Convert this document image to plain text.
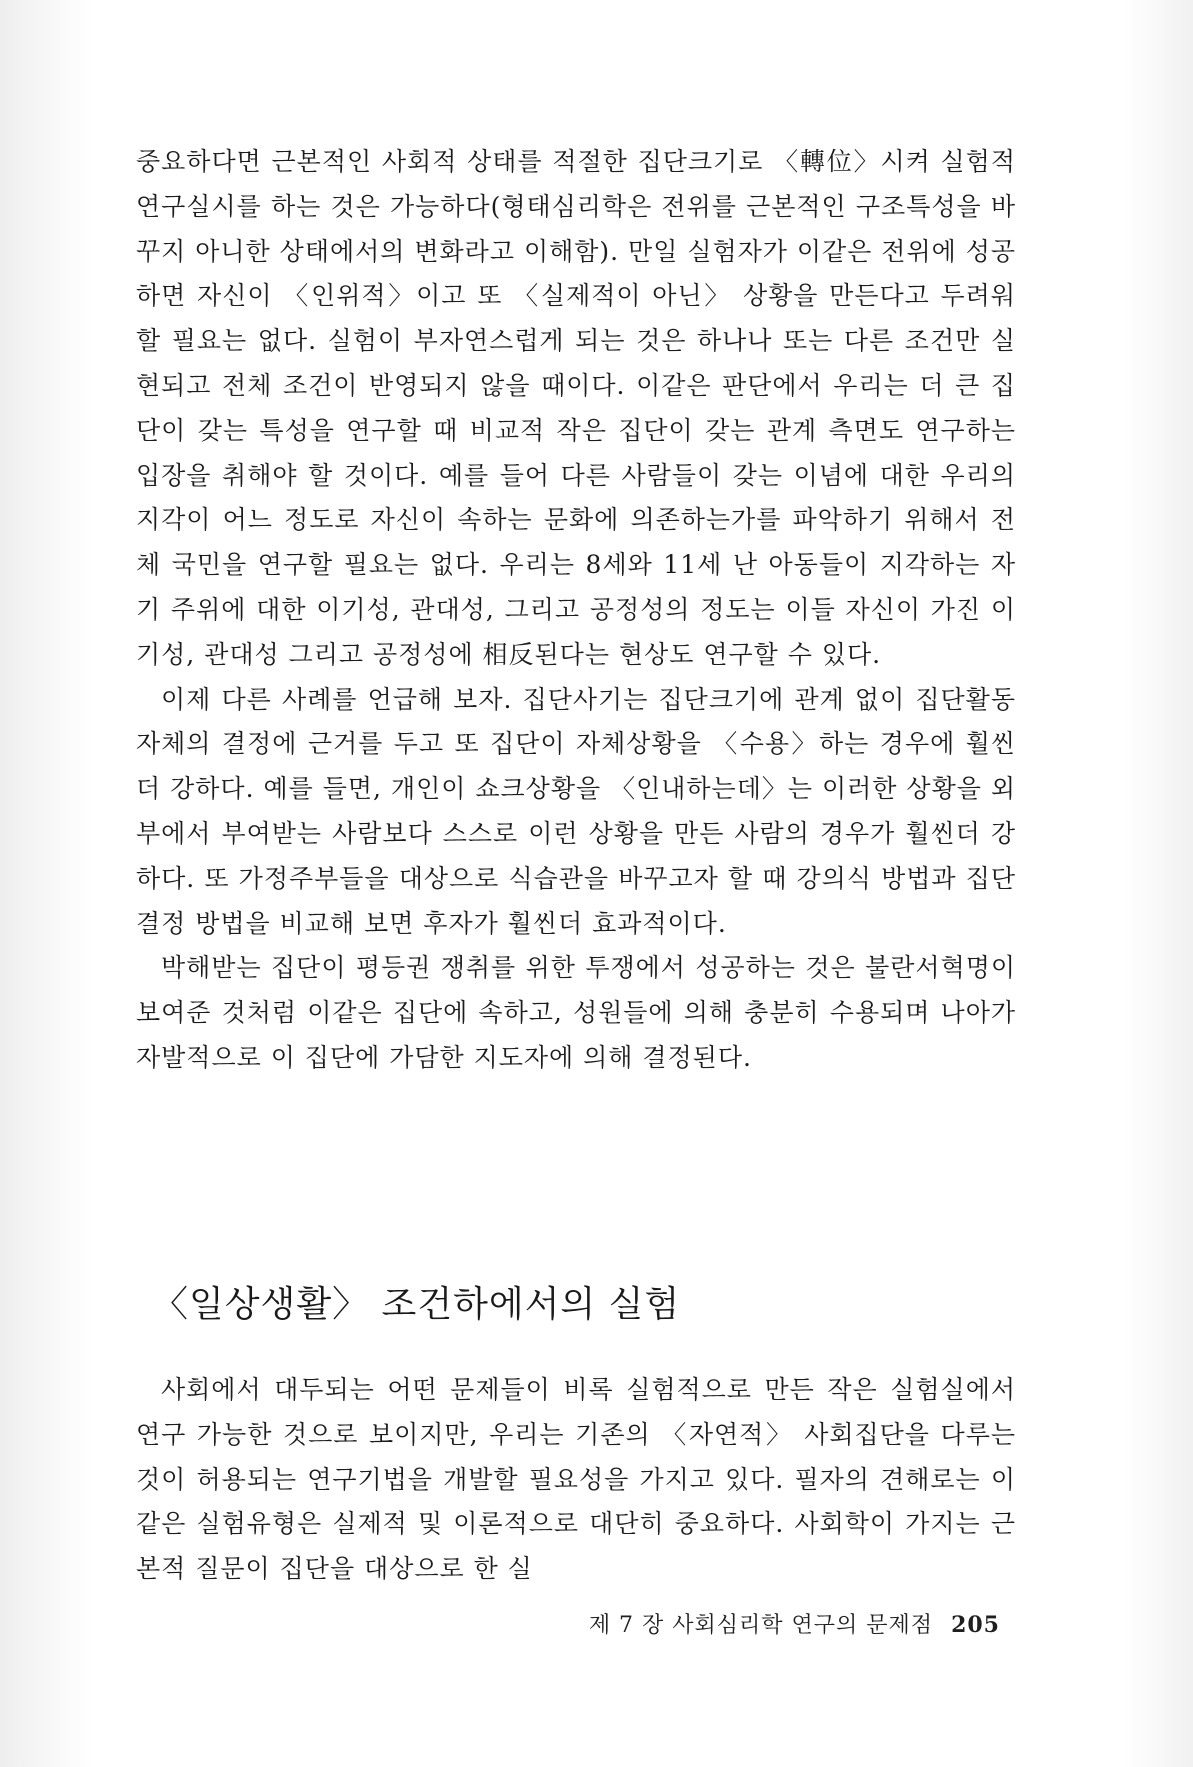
중요하다면 근본적인 사회적 상태를 적절한 집단크기로 〈轉位〉시켜 실험적 연구실시를 하는 것은 가능하다(형태심리학은 전위를 근본적인 구조특성을 바꾸지 아니한 상태에서의 변화라고 이해함). 만일 실험자가 이같은 전위에 성공하면 자신이 〈인위적〉이고 또 〈실제적이 아닌〉 상황을 만든다고 두려워 할 필요는 없다. 실험이 부자연스럽게 되는 것은 하나나 또는 다른 조건만 실현되고 전체 조건이 반영되지 않을 때이다. 이같은 판단에서 우리는 더 큰 집단이 갖는 특성을 연구할 때 비교적 작은 집단이 갖는 관계 측면도 연구하는 입장을 취해야 할 것이다. 예를 들어 다른 사람들이 갖는 이념에 대한 우리의 지각이 어느 정도로 자신이 속하는 문화에 의존하는가를 파악하기 위해서 전체 국민을 연구할 필요는 없다. 우리는 8세와 11세 난 아동들이 지각하는 자기 주위에 대한 이기성, 관대성, 그리고 공정성의 정도는 이들 자신이 가진 이기성, 관대성 그리고 공정성에 相反된다는 현상도 연구할 수 있다.

이제 다른 사례를 언급해 보자. 집단사기는 집단크기에 관계 없이 집단활동 자체의 결정에 근거를 두고 또 집단이 자체상황을 〈수용〉하는 경우에 훨씬더 강하다. 예를 들면, 개인이 쇼크상황을 〈인내하는데〉는 이러한 상황을 외부에서 부여받는 사람보다 스스로 이런 상황을 만든 사람의 경우가 훨씬더 강하다. 또 가정주부들을 대상으로 식습관을 바꾸고자 할 때 강의식 방법과 집단결정 방법을 비교해 보면 후자가 훨씬더 효과적이다.

박해받는 집단이 평등권 쟁취를 위한 투쟁에서 성공하는 것은 불란서혁명이 보여준 것처럼 이같은 집단에 속하고, 성원들에 의해 충분히 수용되며 나아가 자발적으로 이 집단에 가담한 지도자에 의해 결정된다.

〈일상생활〉 조건하에서의 실험

사회에서 대두되는 어떤 문제들이 비록 실험적으로 만든 작은 실험실에서 연구 가능한 것으로 보이지만, 우리는 기존의 〈자연적〉 사회집단을 다루는 것이 허용되는 연구기법을 개발할 필요성을 가지고 있다. 필자의 견해로는 이같은 실험유형은 실제적 및 이론적으로 대단히 중요하다. 사회학이 가지는 근본적 질문이 집단을 대상으로 한 실

제 7 장 사회심리학 연구의 문제점 205
